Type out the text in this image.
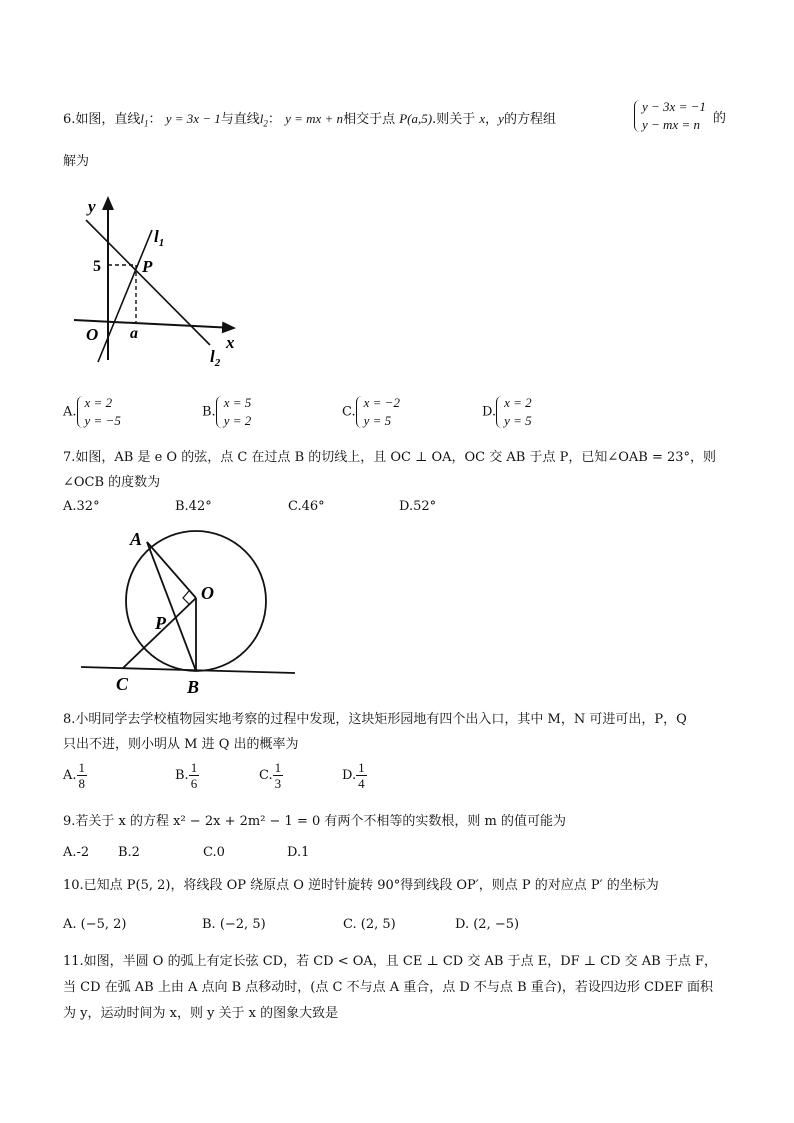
6.如图，直线$l_1$： y = 3x − 1与直线$l_2$： y = mx + n相交于点 P(a,5).则关于 x，y的方程组
y − 3x = −1
y − mx = n	的
解为
y
5 P
O a	x
$l_1$
$l_2$
A.
x = 2
y = −5
B.
x = 5
y = 2
C.
x = −2
y = 5
D.
x = 2
y = 5
7.如图，AB 是 e O 的弦，点 C 在过点 B 的切线上，且 OC ⊥ OA，OC 交 AB 于点 P，已知∠OAB = 23°，则
∠OCB 的度数为
A.32°	B.42°	C.46°	D.52°
A
O
P
C	B
8.小明同学去学校植物园实地考察的过程中发现，这块矩形园地有四个出入口，其中 M，N 可进可出，P，Q
只出不进，则小明从 M 进 Q 出的概率为
A. $\frac{1}{8}$	B. $\frac{1}{6}$	C. $\frac{1}{3}$	D. $\frac{1}{4}$
9.若关于 x 的方程 x² − 2x + 2m² − 1 = 0 有两个不相等的实数根，则 m 的值可能为
A.-2 B.2	C.0	D.1
10.已知点 P(5, 2)，将线段 OP 绕原点 O 逆时针旋转 90°得到线段 OP′，则点 P 的对应点 P′ 的坐标为
A. (−5, 2)	B. (−2, 5)	C. (2, 5)	D. (2, −5)
11.如图，半圆 O 的弧上有定长弦 CD，若 CD < OA，且 CE ⊥ CD 交 AB 于点 E，DF ⊥ CD 交 AB 于点 F，
当 CD 在弧 AB 上由 A 点向 B 点移动时，(点 C 不与点 A 重合，点 D 不与点 B 重合)，若设四边形 CDEF 面积
为 y，运动时间为 x，则 y 关于 x 的图象大致是
